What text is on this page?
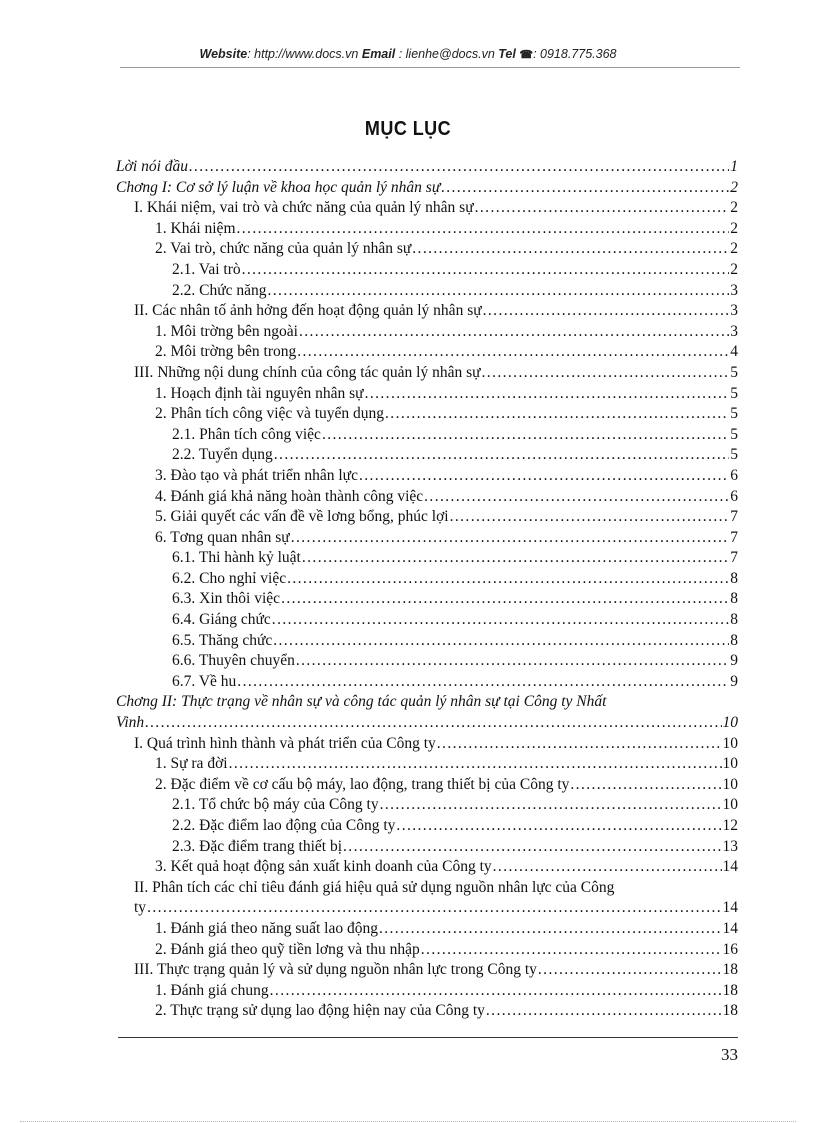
Website: http://www.docs.vn Email : lienhe@docs.vn Tel ☎: 0918.775.368
MỤC LỤC
Lời nói đầu .....	1
Chơng I: Cơ sở lý luận về khoa học quản lý nhân sự .....	2
I. Khái niệm, vai trò và chức năng của quản lý nhân sự .....	2
1. Khái niệm .....	2
2. Vai trò, chức năng của quản lý nhân sự .....	2
2.1. Vai trò .....	2
2.2. Chức năng .....	3
II. Các nhân tố ảnh hởng đến hoạt động quản lý nhân sự .....	3
1. Môi trờng bên ngoài .....	3
2. Môi trờng bên trong .....	4
III. Những nội dung chính của công tác quản lý nhân sự .....	5
1. Hoạch định tài nguyên nhân sự .....	5
2. Phân tích công việc và tuyển dụng .....	5
2.1. Phân tích công việc .....	5
2.2. Tuyển dụng .....	5
3. Đào tạo và phát triển nhân lực .....	6
4. Đánh giá khả năng hoàn thành công việc .....	6
5. Giải quyết các vấn đề về lơng bổng, phúc lợi .....	7
6. Tơng quan nhân sự .....	7
6.1. Thi hành kỷ luật .....	7
6.2. Cho nghỉ việc .....	8
6.3. Xin thôi việc .....	8
6.4. Giáng chức .....	8
6.5. Thăng chức .....	8
6.6. Thuyên chuyển .....	9
6.7. Về hu .....	9
Chơng II: Thực trạng về nhân sự và công tác quản lý nhân sự tại Công ty Nhất
Vinh .....	10
I. Quá trình hình thành và phát triển của Công ty .....	10
1. Sự ra đời .....	10
2. Đặc điểm về cơ cấu bộ máy, lao động, trang thiết bị của Công ty .....	10
2.1. Tổ chức bộ máy của Công ty .....	10
2.2. Đặc điểm lao động của Công ty .....	12
2.3. Đặc điểm trang thiết bị .....	13
3. Kết quả hoạt động sản xuất kinh doanh của Công ty .....	14
II. Phân tích các chỉ tiêu đánh giá hiệu quả sử dụng nguồn nhân lực của Công
ty .....	14
1. Đánh giá theo năng suất lao động .....	14
2. Đánh giá theo quỹ tiền lơng và thu nhập .....	16
III. Thực trạng quản lý và sử dụng nguồn nhân lực trong Công ty .....	18
1. Đánh giá chung .....	18
2. Thực trạng sử dụng lao động hiện nay của Công ty .....	18
33
